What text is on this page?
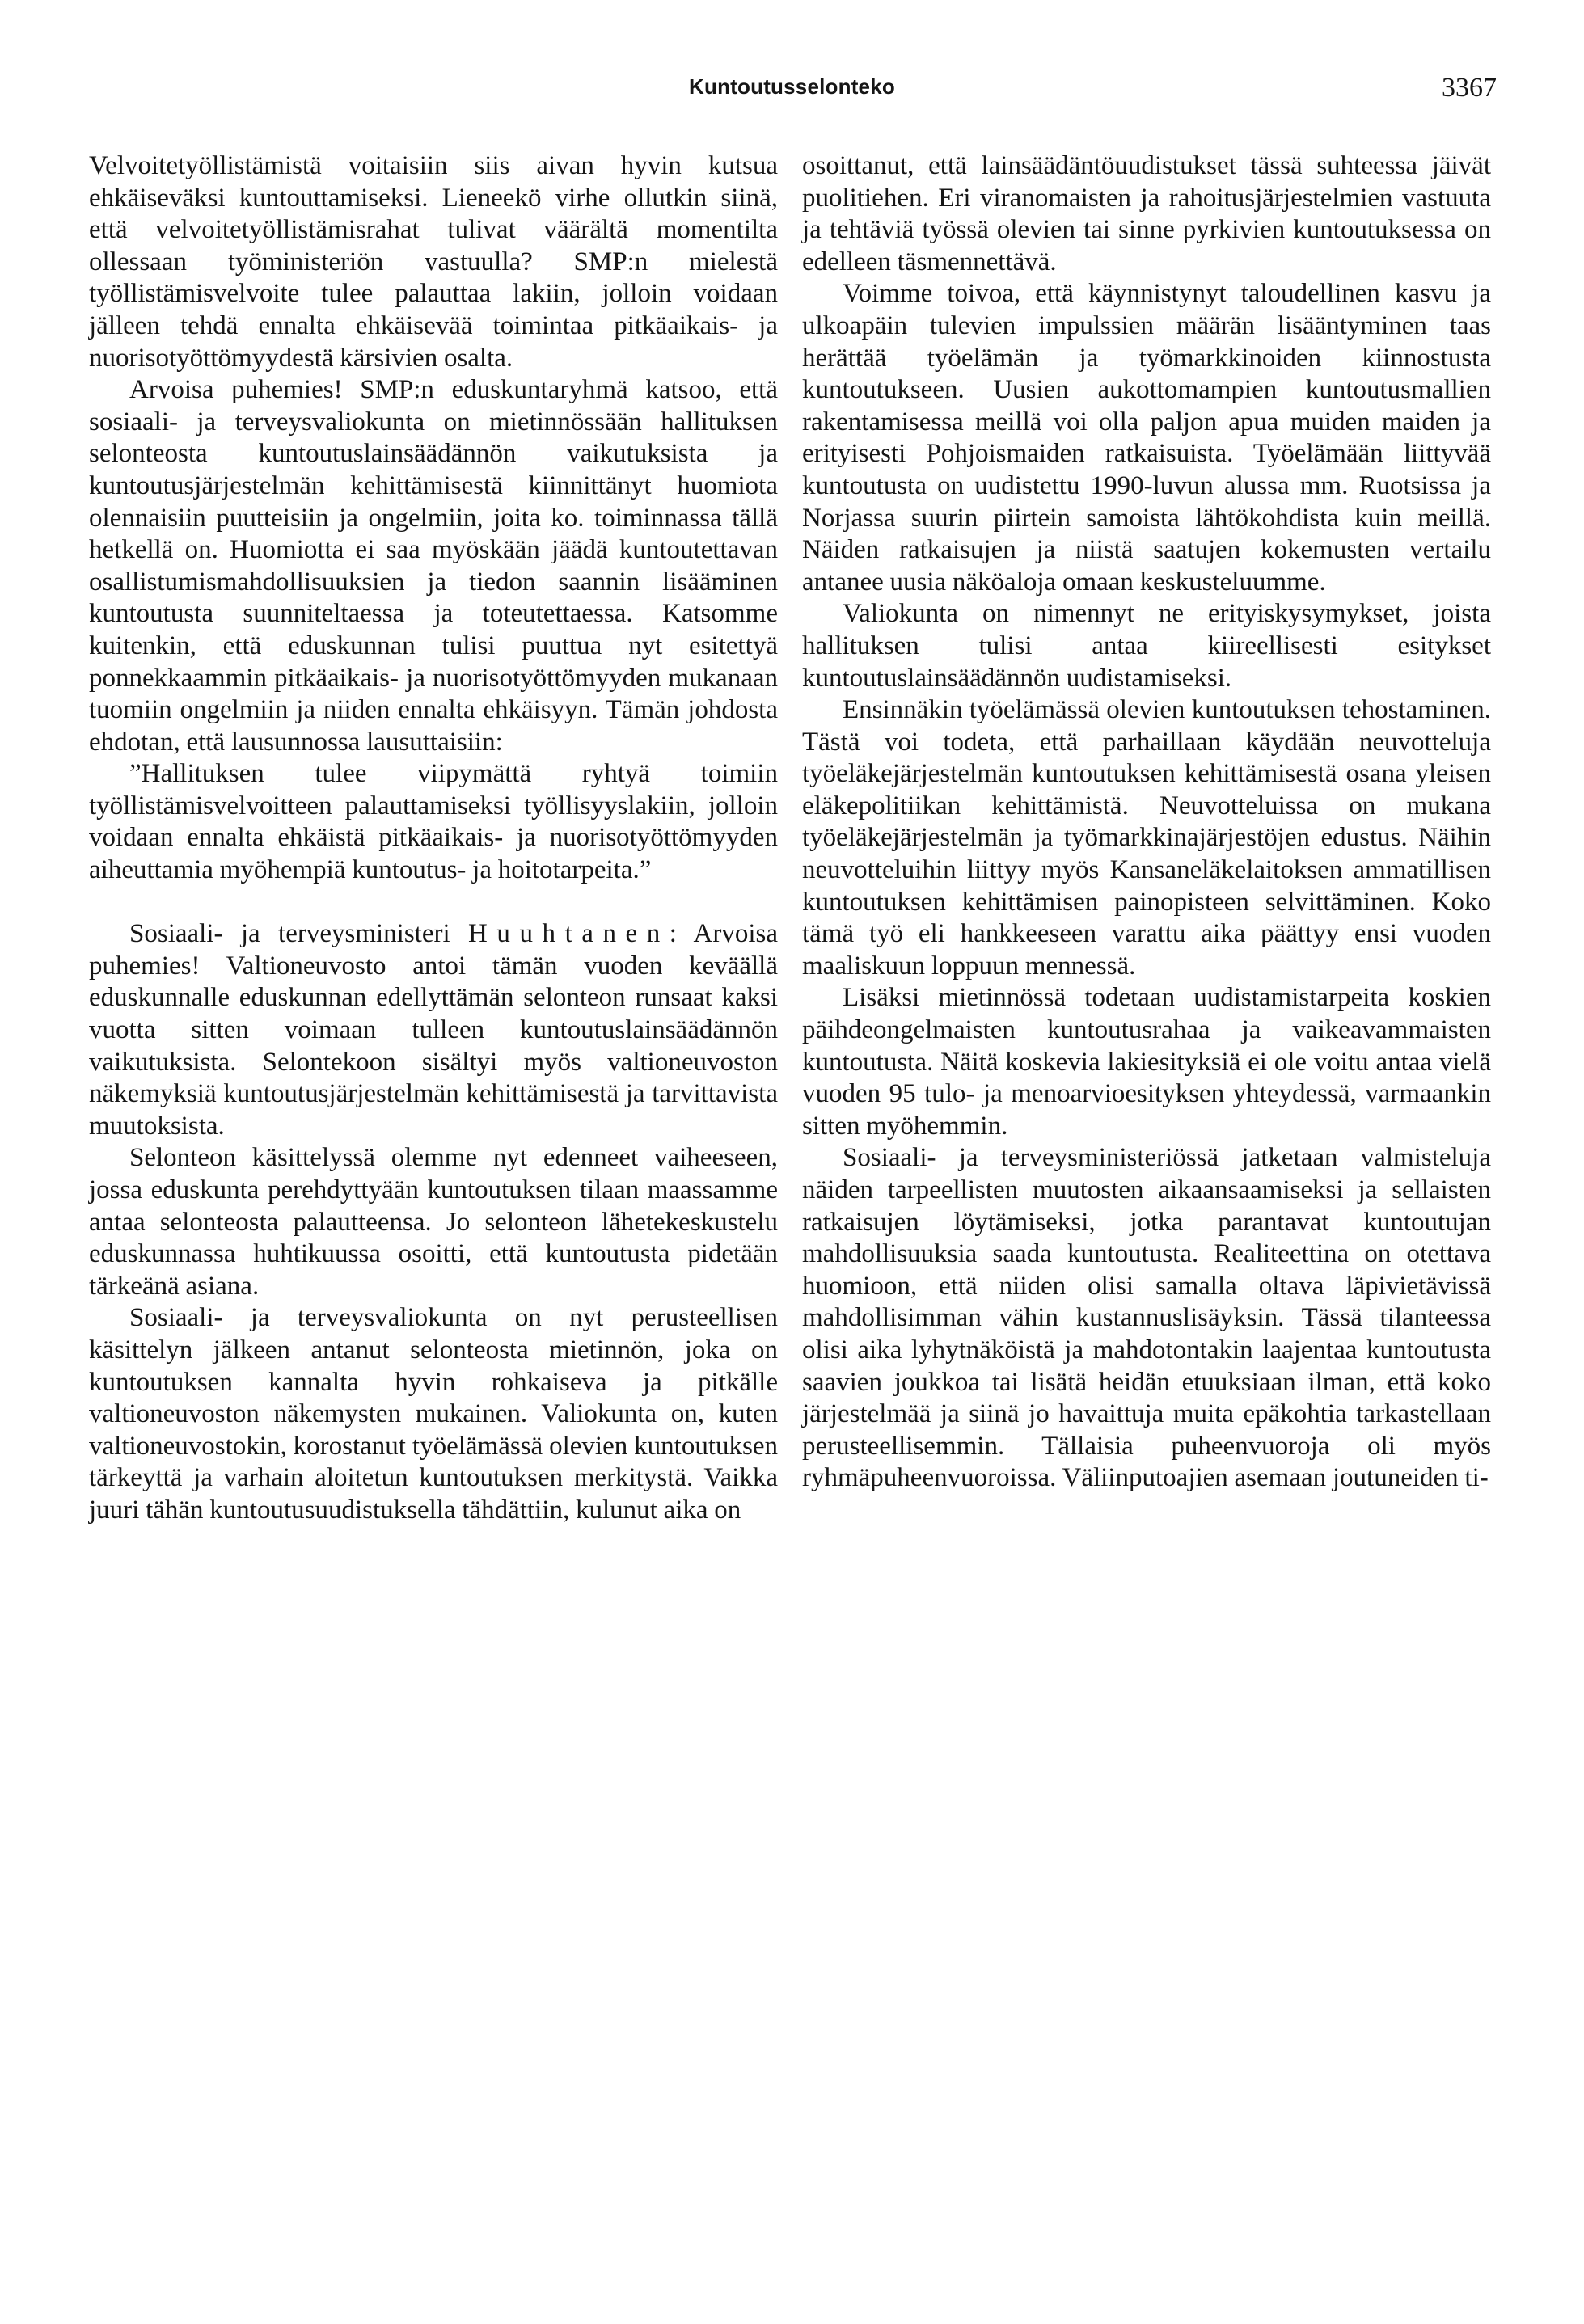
Kuntoutusselonteko	3367

Velvoitetyöllistämistä voitaisiin siis aivan hyvin kutsua ehkäiseväksi kuntouttamiseksi. Lieneekö virhe ollutkin siinä, että velvoitetyöllistämisrahat tulivat väärältä momentilta ollessaan työministeriön vastuulla? SMP:n mielestä työllistämisvelvoite tulee palauttaa lakiin, jolloin voidaan jälleen tehdä ennalta ehkäisevää toimintaa pitkäaikais- ja nuorisotyöttömyydestä kärsivien osalta.

Arvoisa puhemies! SMP:n eduskuntaryhmä katsoo, että sosiaali- ja terveysvaliokunta on mietinnössään hallituksen selonteosta kuntoutuslainsäädännön vaikutuksista ja kuntoutusjärjestelmän kehittämisestä kiinnittänyt huomiota olennaisiin puutteisiin ja ongelmiin, joita ko. toiminnassa tällä hetkellä on. Huomiotta ei saa myöskään jäädä kuntoutettavan osallistumismahdollisuuksien ja tiedon saannin lisääminen kuntoutusta suunniteltaessa ja toteutettaessa. Katsomme kuitenkin, että eduskunnan tulisi puuttua nyt esitettyä ponnekkaammin pitkäaikais- ja nuorisotyöttömyyden mukanaan tuomiin ongelmiin ja niiden ennalta ehkäisyyn. Tämän johdosta ehdotan, että lausunnossa lausuttaisiin:

”Hallituksen tulee viipymättä ryhtyä toimiin työllistämisvelvoitteen palauttamiseksi työllisyyslakiin, jolloin voidaan ennalta ehkäistä pitkäaikais- ja nuorisotyöttömyyden aiheuttamia myöhempiä kuntoutus- ja hoitotarpeita.”

Sosiaali- ja terveysministeri Huuhtanen: Arvoisa puhemies! Valtioneuvosto antoi tämän vuoden keväällä eduskunnalle eduskunnan edellyttämän selonteon runsaat kaksi vuotta sitten voimaan tulleen kuntoutuslainsäädännön vaikutuksista. Selontekoon sisältyi myös valtioneuvoston näkemyksiä kuntoutusjärjestelmän kehittämisestä ja tarvittavista muutoksista.

Selonteon käsittelyssä olemme nyt edenneet vaiheeseen, jossa eduskunta perehdyttyään kuntoutuksen tilaan maassamme antaa selonteosta palautteensa. Jo selonteon lähetekeskustelu eduskunnassa huhtikuussa osoitti, että kuntoutusta pidetään tärkeänä asiana.

Sosiaali- ja terveysvaliokunta on nyt perusteellisen käsittelyn jälkeen antanut selonteosta mietinnön, joka on kuntoutuksen kannalta hyvin rohkaiseva ja pitkälle valtioneuvoston näkemysten mukainen. Valiokunta on, kuten valtioneuvostokin, korostanut työelämässä olevien kuntoutuksen tärkeyttä ja varhain aloitetun kuntoutuksen merkitystä. Vaikka juuri tähän kuntoutusuudistuksella tähdättiin, kulunut aika on

osoittanut, että lainsäädäntöuudistukset tässä suhteessa jäivät puolitiehen. Eri viranomaisten ja rahoitusjärjestelmien vastuuta ja tehtäviä työssä olevien tai sinne pyrkivien kuntoutuksessa on edelleen täsmennettävä.

Voimme toivoa, että käynnistynyt taloudellinen kasvu ja ulkoapäin tulevien impulssien määrän lisääntyminen taas herättää työelämän ja työmarkkinoiden kiinnostusta kuntoutukseen. Uusien aukottomampien kuntoutusmallien rakentamisessa meillä voi olla paljon apua muiden maiden ja erityisesti Pohjoismaiden ratkaisuista. Työelämään liittyvää kuntoutusta on uudistettu 1990-luvun alussa mm. Ruotsissa ja Norjassa suurin piirtein samoista lähtökohdista kuin meillä. Näiden ratkaisujen ja niistä saatujen kokemusten vertailu antanee uusia näköaloja omaan keskusteluumme.

Valiokunta on nimennyt ne erityiskysymykset, joista hallituksen tulisi antaa kiireellisesti esitykset kuntoutuslainsäädännön uudistamiseksi.

Ensinnäkin työelämässä olevien kuntoutuksen tehostaminen. Tästä voi todeta, että parhaillaan käydään neuvotteluja työeläkejärjestelmän kuntoutuksen kehittämisestä osana yleisen eläkepolitiikan kehittämistä. Neuvotteluissa on mukana työeläkejärjestelmän ja työmarkkinajärjestöjen edustus. Näihin neuvotteluihin liittyy myös Kansaneläkelaitoksen ammatillisen kuntoutuksen kehittämisen painopisteen selvittäminen. Koko tämä työ eli hankkeeseen varattu aika päättyy ensi vuoden maaliskuun loppuun mennessä.

Lisäksi mietinnössä todetaan uudistamistarpeita koskien päihdeongelmaisten kuntoutusrahaa ja vaikeavammaisten kuntoutusta. Näitä koskevia lakiesityksiä ei ole voitu antaa vielä vuoden 95 tulo- ja menoarvioesityksen yhteydessä, varmaankin sitten myöhemmin.

Sosiaali- ja terveysministeriössä jatketaan valmisteluja näiden tarpeellisten muutosten aikaansaamiseksi ja sellaisten ratkaisujen löytämiseksi, jotka parantavat kuntoutujan mahdollisuuksia saada kuntoutusta. Realiteettina on otettava huomioon, että niiden olisi samalla oltava läpivietävissä mahdollisimman vähin kustannuslisäyksin. Tässä tilanteessa olisi aika lyhytnäköistä ja mahdotontakin laajentaa kuntoutusta saavien joukkoa tai lisätä heidän etuuksiaan ilman, että koko järjestelmää ja siinä jo havaittuja muita epäkohtia tarkastellaan perusteellisemmin. Tällaisia puheenvuoroja oli myös ryhmäpuheenvuoroissa. Väliinputoajien asemaan joutuneiden ti-
